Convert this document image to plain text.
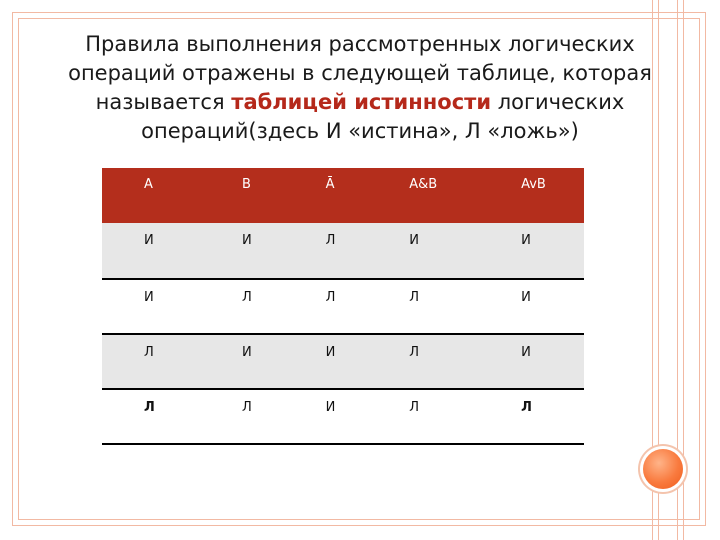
Правила выполнения рассмотренных логических операций отражены в следующей таблице, которая называется таблицей истинности логических операций(здесь И «истина», Л «ложь»)
A	B	Ā	A&B	AvB
И	И	Л	И	И
И	Л	Л	Л	И
Л	И	И	Л	И
Л	Л	И	Л	Л
